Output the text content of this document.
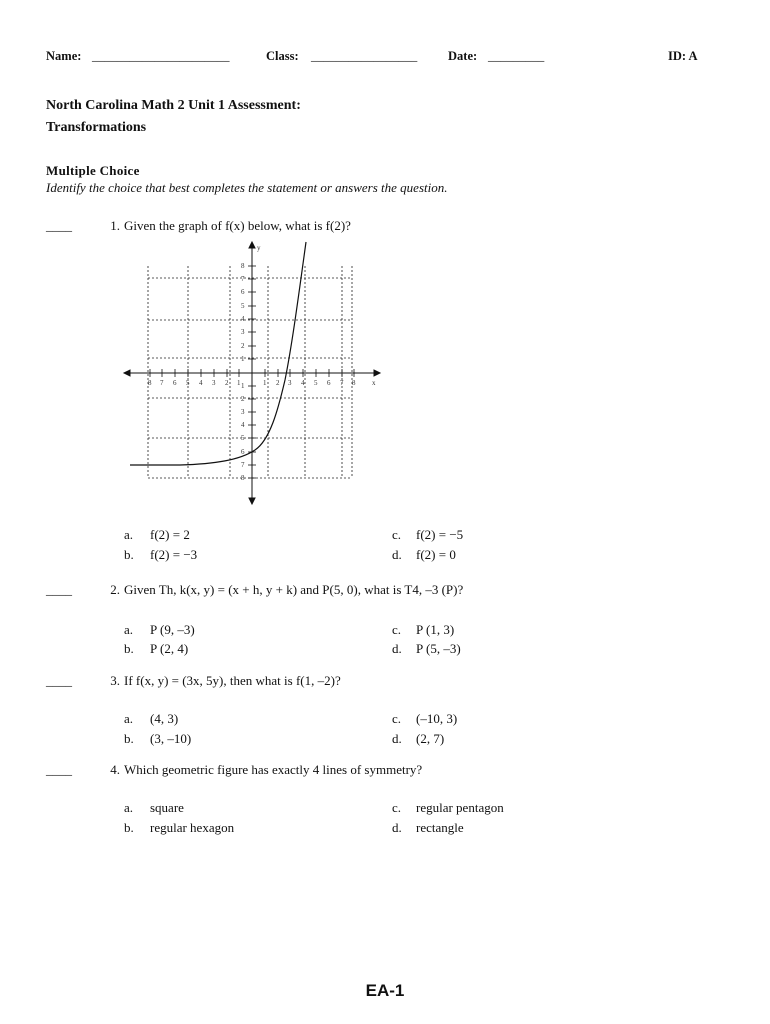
Name: ______________________	Class: _________________ Date: _________	ID: A
North Carolina Math 2 Unit 1 Assessment:
Transformations
Multiple Choice
Identify the choice that best completes the statement or answers the question.
____	1. Given the graph of f(x) below, what is f(2)?
8 7 6 5 4 3 2 1	1 2 3 4 5 6 7 8 x
y
8
7
6
5
4
3
2
1
1
2
3
4
5
6
7
8
a. f(2) = 2
b. f(2) = −3
c. f(2) = −5
d. f(2) = 0
____	2. Given Th, k(x, y) = (x + h, y + k) and P(5, 0), what is T4, –3 (P)?
a. P (9, –3)
b. P (2, 4)
c. P (1, 3)
d. P (5, –3)
____	3. If f(x, y) = (3x, 5y), then what is f(1, –2)?
a. (4, 3)
b. (3, –10)
c. (–10, 3)
d. (2, 7)
____	4. Which geometric figure has exactly 4 lines of symmetry?
a. square
b. regular hexagon
c. regular pentagon
d. rectangle
EA-1
